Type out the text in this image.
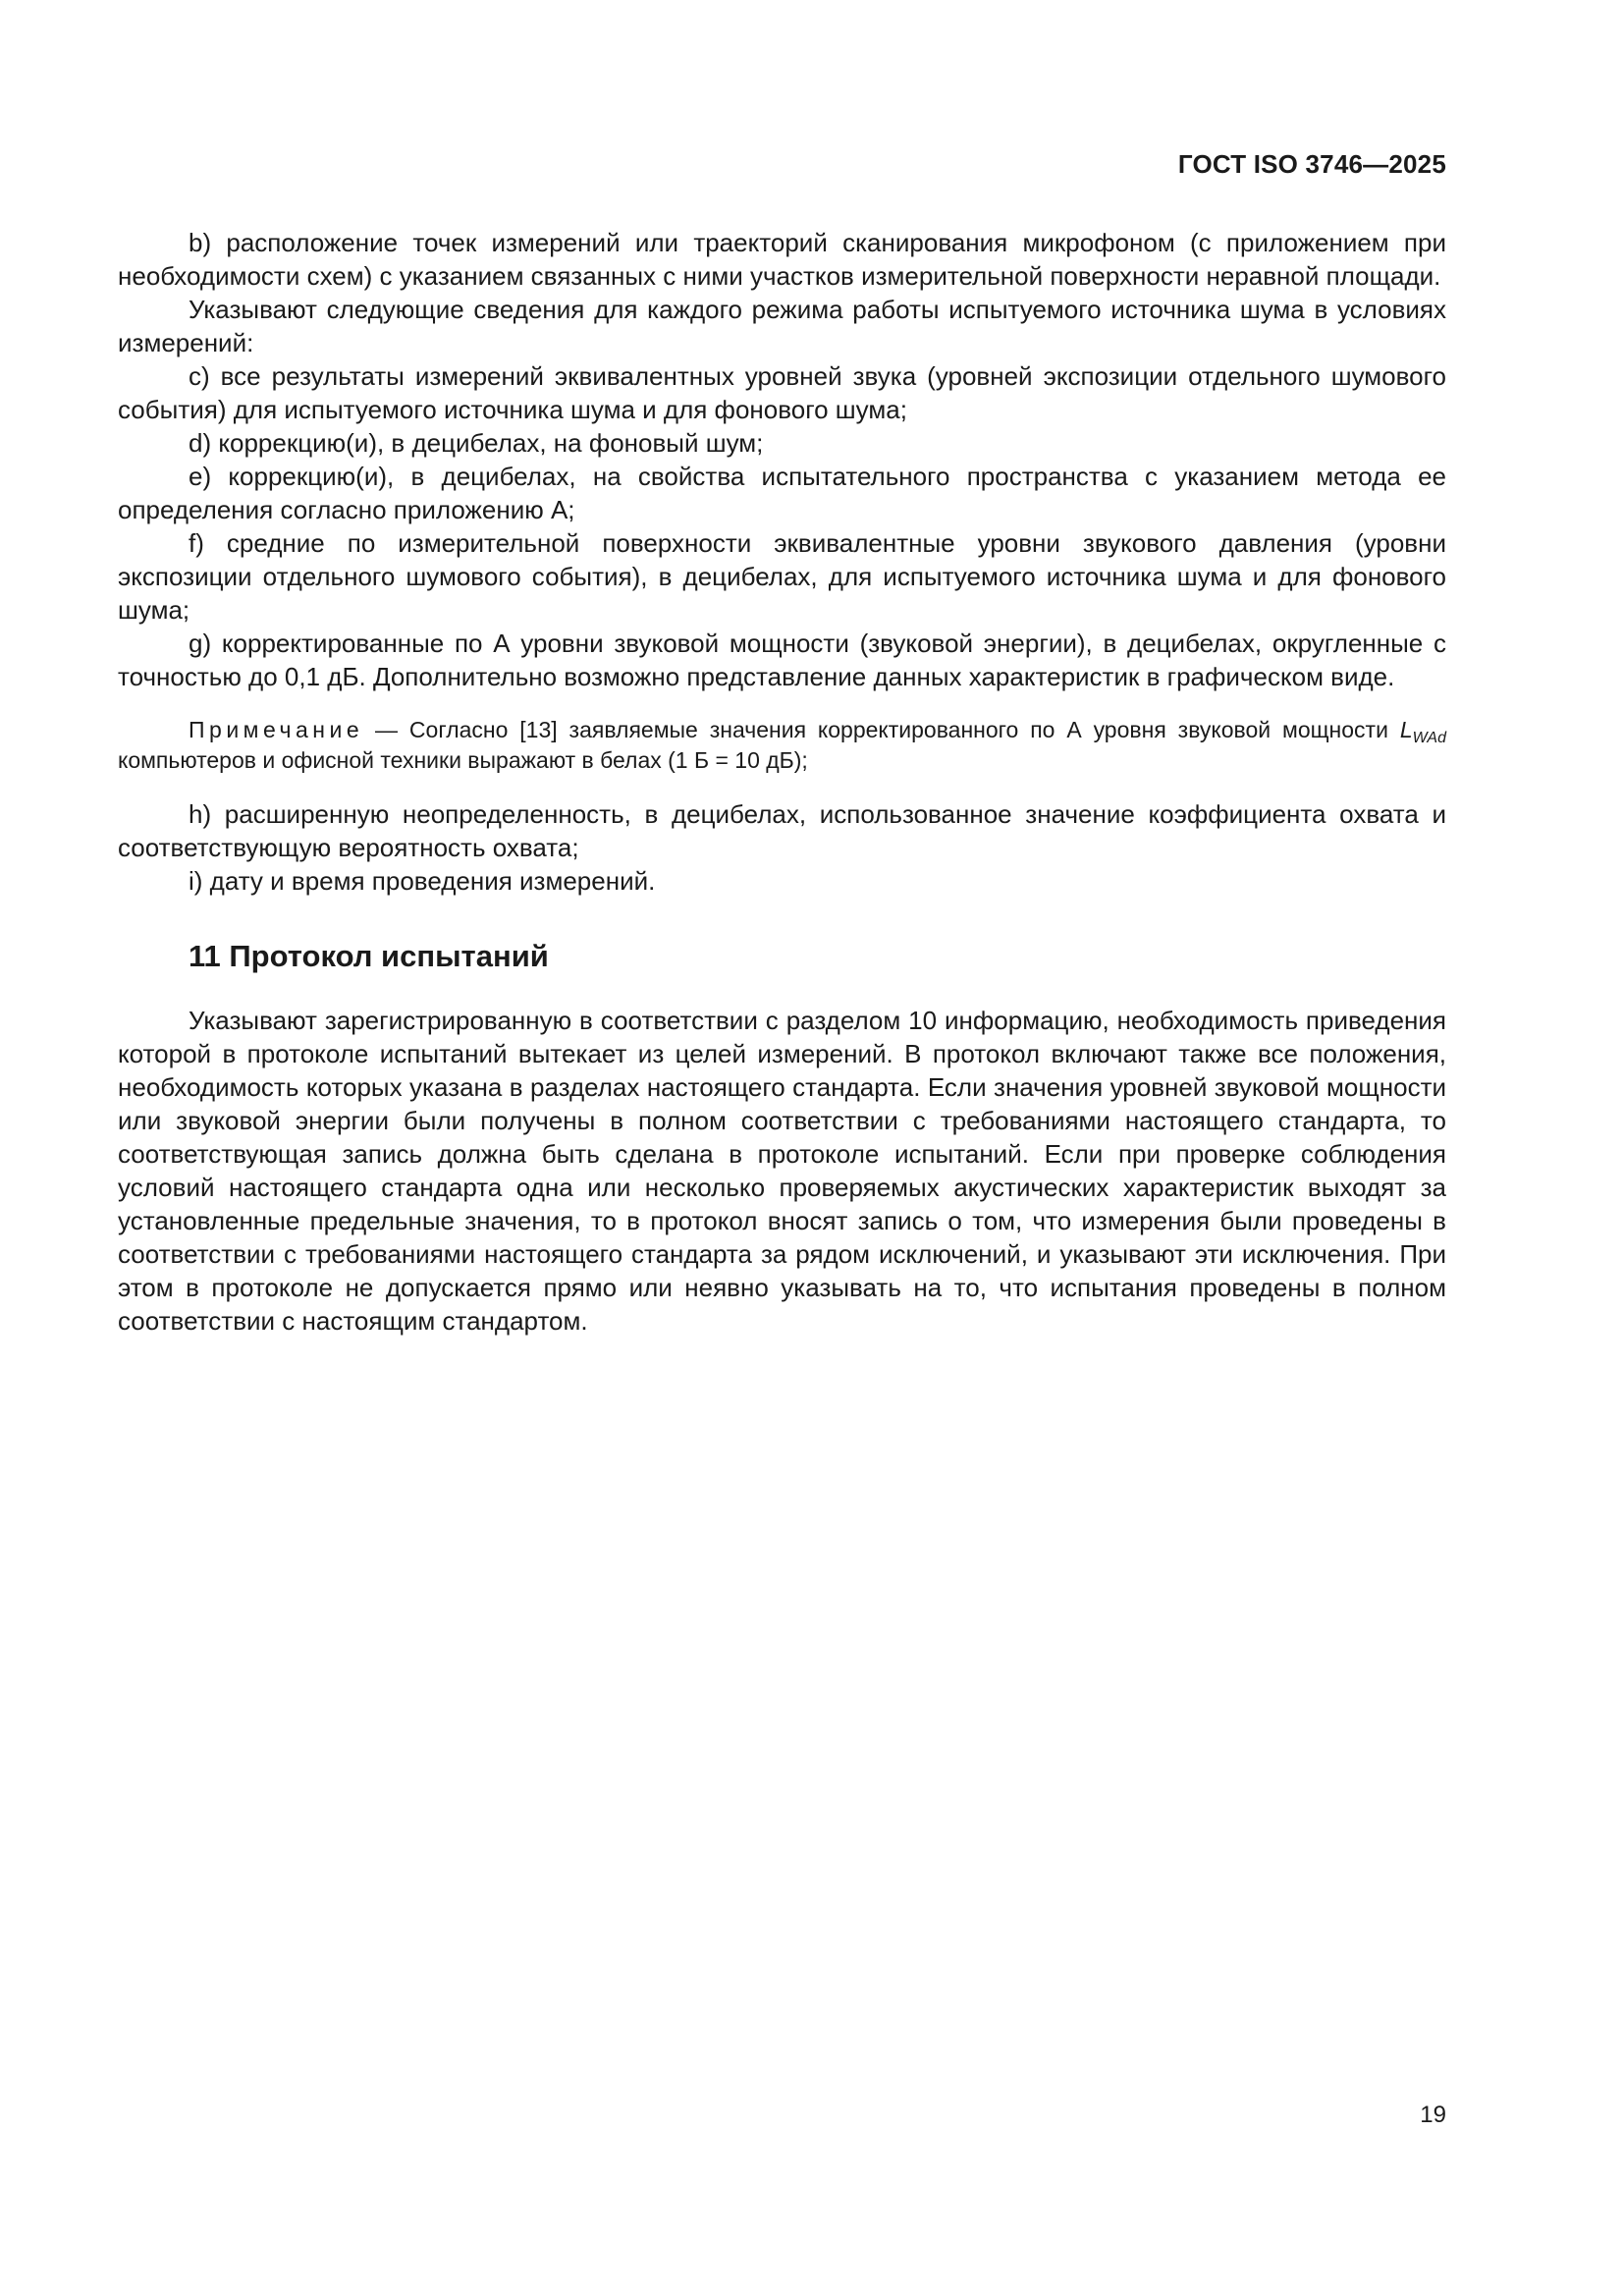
ГОСТ ISO 3746—2025

b) расположение точек измерений или траекторий сканирования микрофоном (с приложением при необходимости схем) с указанием связанных с ними участков измерительной поверхности неравной площади.

Указывают следующие сведения для каждого режима работы испытуемого источника шума в условиях измерений:

c) все результаты измерений эквивалентных уровней звука (уровней экспозиции отдельного шумового события) для испытуемого источника шума и для фонового шума;

d) коррекцию(и), в децибелах, на фоновый шум;

e) коррекцию(и), в децибелах, на свойства испытательного пространства с указанием метода ее определения согласно приложению А;

f) средние по измерительной поверхности эквивалентные уровни звукового давления (уровни экспозиции отдельного шумового события), в децибелах, для испытуемого источника шума и для фонового шума;

g) корректированные по А уровни звуковой мощности (звуковой энергии), в децибелах, округленные с точностью до 0,1 дБ. Дополнительно возможно представление данных характеристик в графическом виде.

Примечание — Согласно [13] заявляемые значения корректированного по А уровня звуковой мощности $L_{WAd}$ компьютеров и офисной техники выражают в белах (1 Б = 10 дБ);

h) расширенную неопределенность, в децибелах, использованное значение коэффициента охвата и соответствующую вероятность охвата;

i) дату и время проведения измерений.

11 Протокол испытаний

Указывают зарегистрированную в соответствии с разделом 10 информацию, необходимость приведения которой в протоколе испытаний вытекает из целей измерений. В протокол включают также все положения, необходимость которых указана в разделах настоящего стандарта. Если значения уровней звуковой мощности или звуковой энергии были получены в полном соответствии с требованиями настоящего стандарта, то соответствующая запись должна быть сделана в протоколе испытаний. Если при проверке соблюдения условий настоящего стандарта одна или несколько проверяемых акустических характеристик выходят за установленные предельные значения, то в протокол вносят запись о том, что измерения были проведены в соответствии с требованиями настоящего стандарта за рядом исключений, и указывают эти исключения. При этом в протоколе не допускается прямо или неявно указывать на то, что испытания проведены в полном соответствии с настоящим стандартом.

19
